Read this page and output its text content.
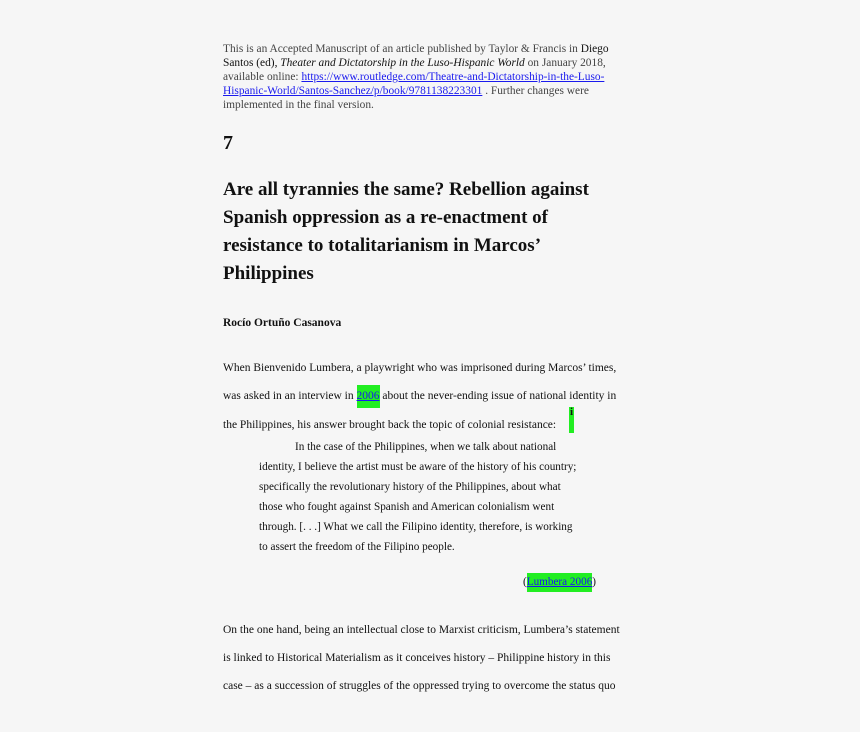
This is an Accepted Manuscript of an article published by Taylor & Francis in Diego
Santos (ed), Theater and Dictatorship in the Luso-Hispanic World on January 2018,
available online: https://www.routledge.com/Theatre-and-Dictatorship-in-the-Luso-
Hispanic-World/Santos-Sanchez/p/book/9781138223301 . Further changes were
implemented in the final version.
7
Are all tyrannies the same? Rebellion against
Spanish oppression as a re-enactment of
resistance to totalitarianism in Marcos’
Philippines
Rocío Ortuño Casanova
When Bienvenido Lumbera, a playwright who was imprisoned during Marcos’ times,
was asked in an interview in 2006 about the never-ending issue of national identity in
the Philippines, his answer brought back the topic of colonial resistance:
i
In the case of the Philippines, when we talk about national
identity, I believe the artist must be aware of the history of his country;
specifically the revolutionary history of the Philippines, about what
those who fought against Spanish and American colonialism went
through. [. . .] What we call the Filipino identity, therefore, is working
to assert the freedom of the Filipino people.
(Lumbera 2006)
On the one hand, being an intellectual close to Marxist criticism, Lumbera’s statement
is linked to Historical Materialism as it conceives history – Philippine history in this
case – as a succession of struggles of the oppressed trying to overcome the status quo
